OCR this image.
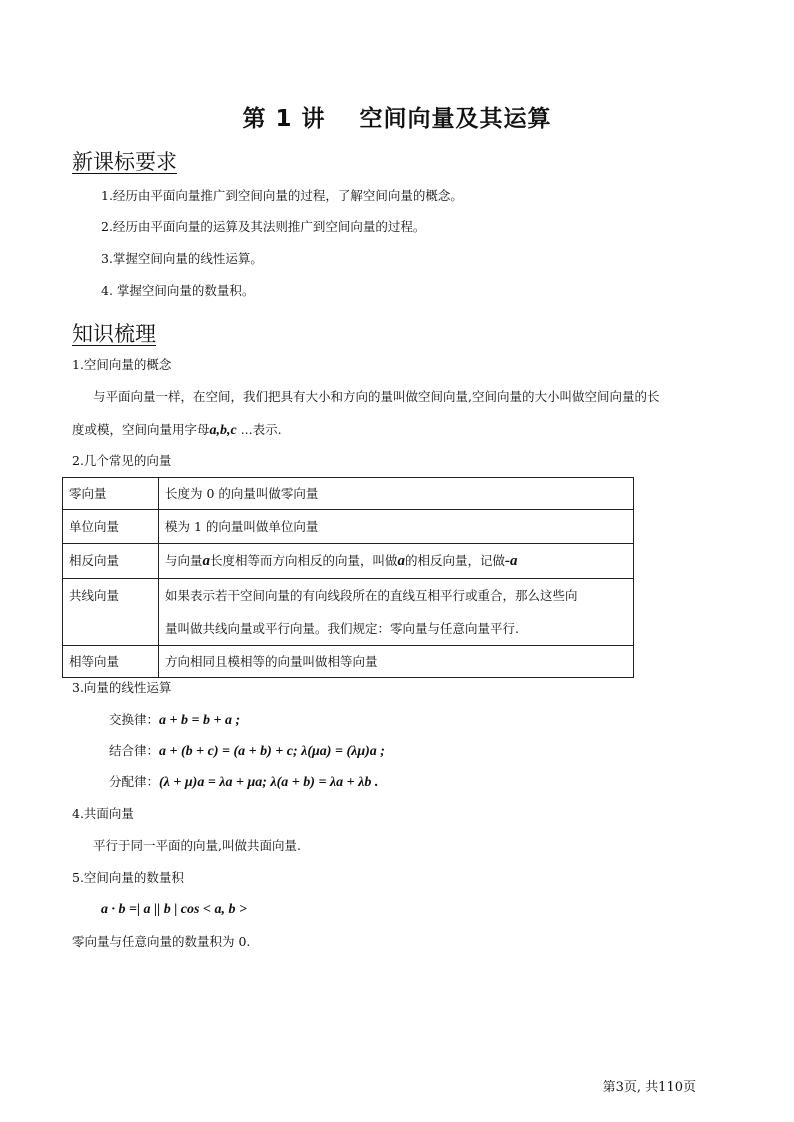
第 1 讲 空间向量及其运算
新课标要求
1.经历由平面向量推广到空间向量的过程，了解空间向量的概念。
2.经历由平面向量的运算及其法则推广到空间向量的过程。
3.掌握空间向量的线性运算。
4. 掌握空间向量的数量积。
知识梳理
1.空间向量的概念
与平面向量一样，在空间，我们把具有大小和方向的量叫做空间向量,空间向量的大小叫做空间向量的长
度或模，空间向量用字母a,b,c ...表示.
2.几个常见的向量
零向量	长度为 0 的向量叫做零向量
单位向量	模为 1 的向量叫做单位向量
相反向量	与向量a长度相等而方向相反的向量，叫做a的相反向量，记做-a
共线向量	如果表示若干空间向量的有向线段所在的直线互相平行或重合，那么这些向
量叫做共线向量或平行向量。我们规定：零向量与任意向量平行.

相等向量	方向相同且模相等的向量叫做相等向量
3.向量的线性运算
交换律：a + b = b + a ;
结合律：a + (b + c) = (a + b) + c; λ(μa) = (λμ)a ;
分配律：(λ + μ)a = λa + μa; λ(a + b) = λa + λb .
4.共面向量
平行于同一平面的向量,叫做共面向量.
5.空间向量的数量积
a · b =| a || b | cos < a, b >
零向量与任意向量的数量积为 0.
第3页, 共110页
